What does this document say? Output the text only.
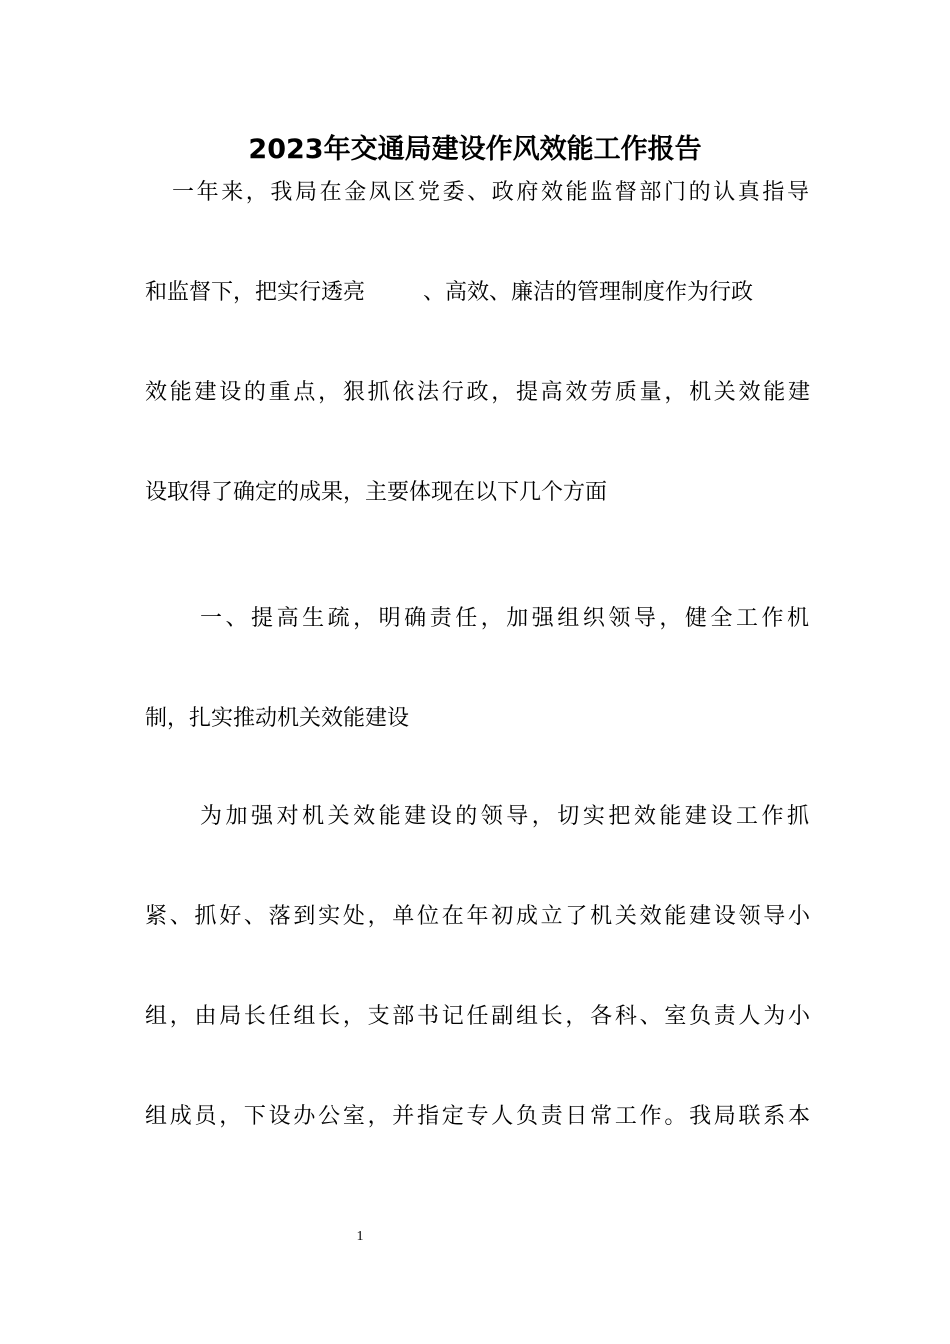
2023年交通局建设作风效能工作报告

一年来，我局在金凤区党委、政府效能监督部门的认真指导

和监督下，把实行透亮	、高效、廉洁的管理制度作为行政

效能建设的重点，狠抓依法行政，提高效劳质量，机关效能建

设取得了确定的成果，主要体现在以下几个方面

一、提高生疏，明确责任，加强组织领导，健全工作机

制，扎实推动机关效能建设

为加强对机关效能建设的领导，切实把效能建设工作抓

紧、抓好、落到实处，单位在年初成立了机关效能建设领导小

组，由局长任组长，支部书记任副组长，各科、室负责人为小

组成员，下设办公室，并指定专人负责日常工作。我局联系本

1
